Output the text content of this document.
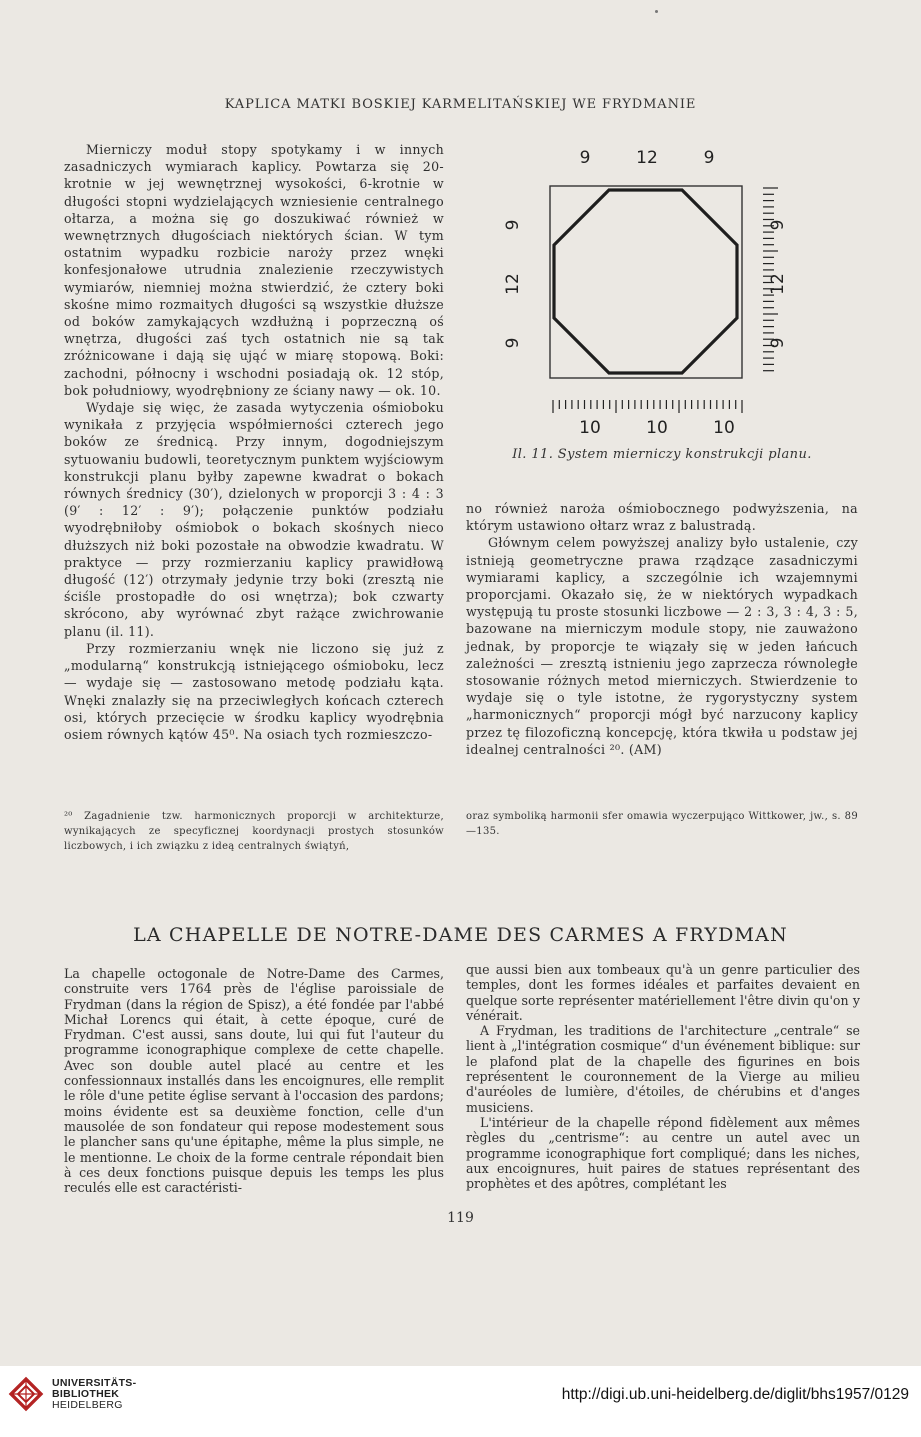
KAPLICA MATKI BOSKIEJ KARMELITAŃSKIEJ WE FRYDMANIE

Mierniczy moduł stopy spotykamy i w innych zasadniczych wymiarach kaplicy. Powtarza się 20-krotnie w jej wewnętrznej wysokości, 6-krotnie w długości stopni wydzielających wzniesienie centralnego ołtarza, a można się go doszukiwać również w wewnętrznych długościach niektórych ścian. W tym ostatnim wypadku rozbicie naroży przez wnęki konfesjonałowe utrudnia znalezienie rzeczywistych wymiarów, niemniej można stwierdzić, że cztery boki skośne mimo rozmaitych długości są wszystkie dłuższe od boków zamykających wzdłużną i poprzeczną oś wnętrza, długości zaś tych ostatnich nie są tak zróżnicowane i dają się ująć w miarę stopową. Boki: zachodni, północny i wschodni posiadają ok. 12 stóp, bok południowy, wyodrębniony ze ściany nawy — ok. 10.

Wydaje się więc, że zasada wytyczenia ośmioboku wynikała z przyjęcia współmierności czterech jego boków ze średnicą. Przy innym, dogodniejszym sytuowaniu budowli, teoretycznym punktem wyjściowym konstrukcji planu byłby zapewne kwadrat o bokach równych średnicy (30′), dzielonych w proporcji 3 : 4 : 3 (9′ : 12′ : 9′); połączenie punktów podziału wyodrębniłoby ośmiobok o bokach skośnych nieco dłuższych niż boki pozostałe na obwodzie kwadratu. W praktyce — przy rozmierzaniu kaplicy prawidłową długość (12′) otrzymały jedynie trzy boki (zresztą nie ściśle prostopadłe do osi wnętrza); bok czwarty skrócono, aby wyrównać zbyt rażące zwichrowanie planu (il. 11).

Przy rozmierzaniu wnęk nie liczono się już z „modularną“ konstrukcją istniejącego ośmioboku, lecz — wydaje się — zastosowano metodę podziału kąta. Wnęki znalazły się na przeciwległych końcach czterech osi, których przecięcie w środku kaplicy wyodrębnia osiem równych kątów 45⁰. Na osiach tych rozmieszczo-

9	12	9
9
12
9
9
12
9
10	10	10
Il. 11. System mierniczy konstrukcji planu.

no również naroża ośmiobocznego podwyższenia, na którym ustawiono ołtarz wraz z balustradą.

Głównym celem powyższej analizy było ustalenie, czy istnieją geometryczne prawa rządzące zasadniczymi wymiarami kaplicy, a szczególnie ich wzajemnymi proporcjami. Okazało się, że w niektórych wypadkach występują tu proste stosunki liczbowe — 2 : 3, 3 : 4, 3 : 5, bazowane na mierniczym module stopy, nie zauważono jednak, by proporcje te wiązały się w jeden łańcuch zależności — zresztą istnieniu jego zaprzecza równoległe stosowanie różnych metod mierniczych. Stwierdzenie to wydaje się o tyle istotne, że rygorystyczny system „harmonicznych“ proporcji mógł być narzucony kaplicy przez tę filozoficzną koncepcję, która tkwiła u podstaw jej idealnej centralności ²⁰. (AM)

²⁰ Zagadnienie tzw. harmonicznych proporcji w architekturze, wynikających ze specyficznej koordynacji prostych stosunków liczbowych, i ich związku z ideą centralnych świątyń,
oraz symboliką harmonii sfer omawia wyczerpująco Wittkower, jw., s. 89—135.
LA CHAPELLE DE NOTRE-DAME DES CARMES A FRYDMAN

La chapelle octogonale de Notre-Dame des Carmes, construite vers 1764 près de l'église paroissiale de Frydman (dans la région de Spisz), a été fondée par l'abbé Michał Lorencs qui était, à cette époque, curé de Frydman. C'est aussi, sans doute, lui qui fut l'auteur du programme iconographique complexe de cette chapelle. Avec son double autel placé au centre et les confessionnaux installés dans les encoignures, elle remplit le rôle d'une petite église servant à l'occasion des pardons; moins évidente est sa deuxième fonction, celle d'un mausolée de son fondateur qui repose modestement sous le plancher sans qu'une épitaphe, même la plus simple, ne le mentionne. Le choix de la forme centrale répondait bien à ces deux fonctions puisque depuis les temps les plus reculés elle est caractéristi-

que aussi bien aux tombeaux qu'à un genre particulier des temples, dont les formes idéales et parfaites devaient en quelque sorte représenter matériellement l'être divin qu'on y vénérait.

A Frydman, les traditions de l'architecture „centrale“ se lient à „l'intégration cosmique“ d'un événement biblique: sur le plafond plat de la chapelle des figurines en bois représentent le couronnement de la Vierge au milieu d'auréoles de lumière, d'étoiles, de chérubins et d'anges musiciens.

L'intérieur de la chapelle répond fidèlement aux mêmes règles du „centrisme“: au centre un autel avec un programme iconographique fort compliqué; dans les niches, aux encoignures, huit paires de statues représentant des prophètes et des apôtres, complétant les

119
UNIVERSITÄTS-
BIBLIOTHEK
HEIDELBERG
http://digi.ub.uni-heidelberg.de/diglit/bhs1957/0129
